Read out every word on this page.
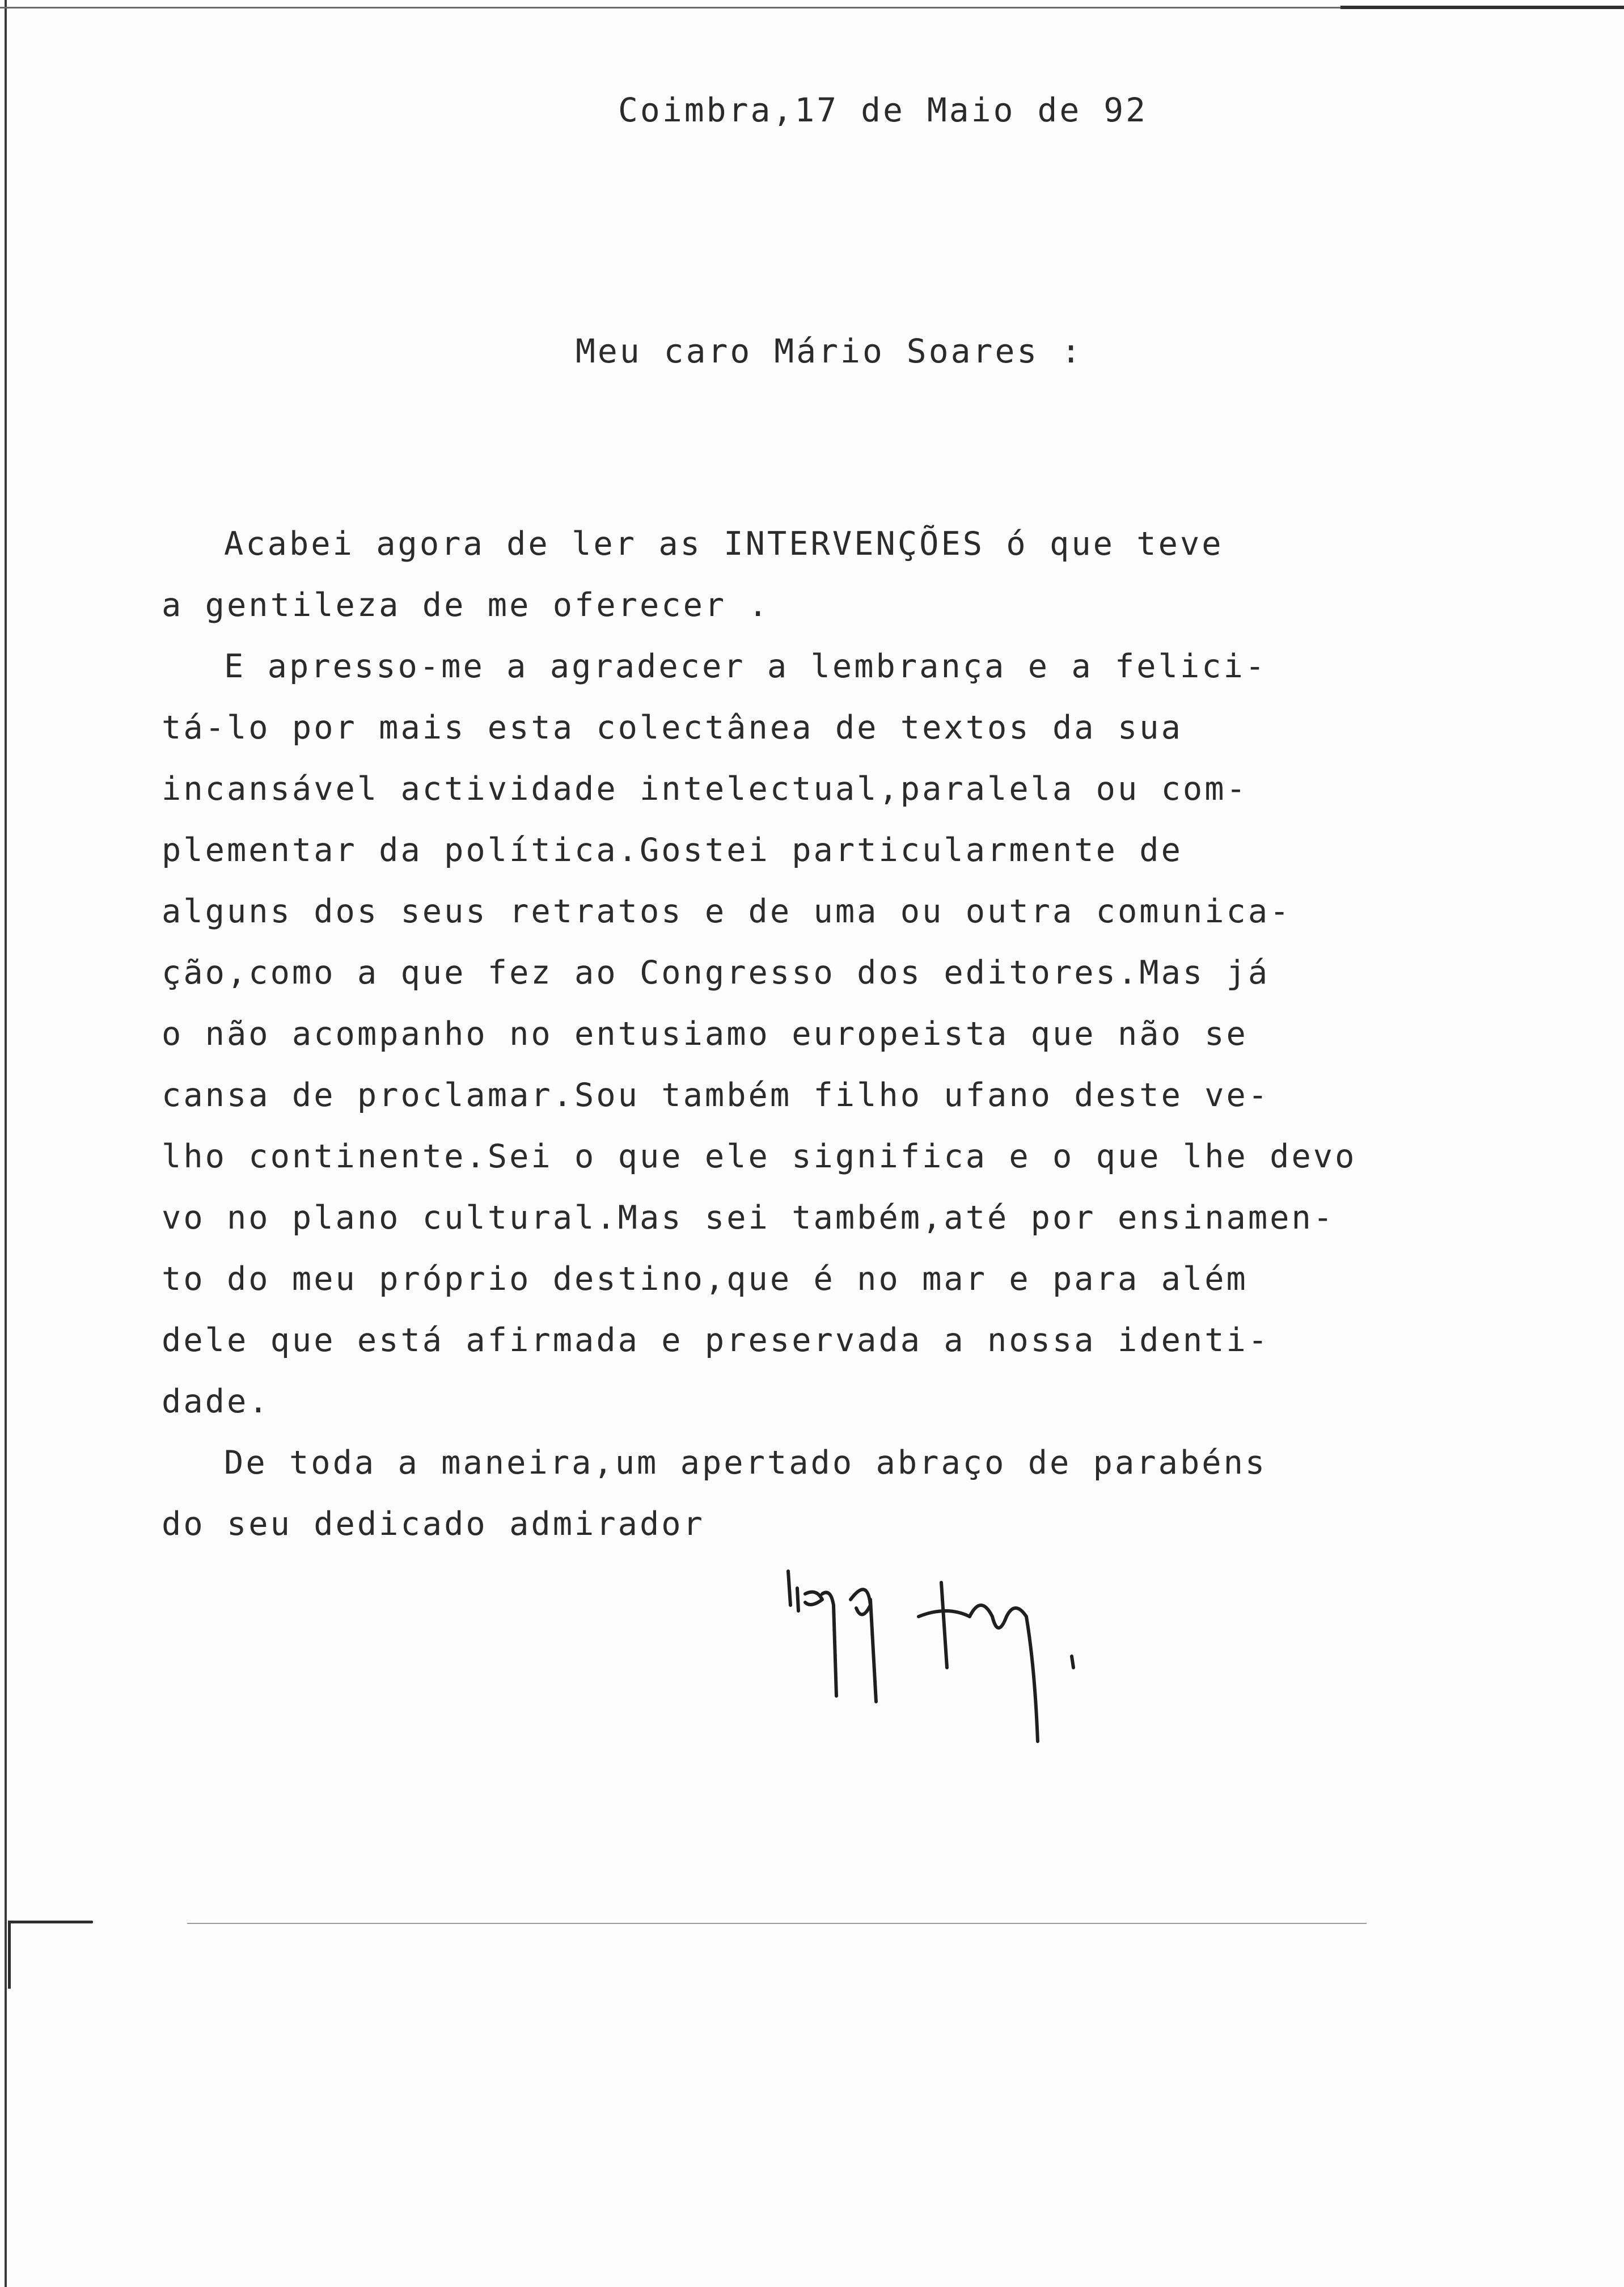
Coimbra,17 de Maio de 92
Meu caro Mário Soares :
Acabei agora de ler as INTERVENÇÕES ó que teve
a gentileza de me oferecer .
E apresso-me a agradecer a lembrança e a felici-
tá-lo por mais esta colectânea de textos da sua
incansável actividade intelectual,paralela ou com-
plementar da política.Gostei particularmente de
alguns dos seus retratos e de uma ou outra comunica-
ção,como a que fez ao Congresso dos editores.Mas já
o não acompanho no entusiamo europeista que não se
cansa de proclamar.Sou também filho ufano deste ve-
lho continente.Sei o que ele significa e o que lhe devo
vo no plano cultural.Mas sei também,até por ensinamen-
to do meu próprio destino,que é no mar e para além
dele que está afirmada e preservada a nossa identi-
dade.
De toda a maneira,um apertado abraço de parabéns
do seu dedicado admirador
